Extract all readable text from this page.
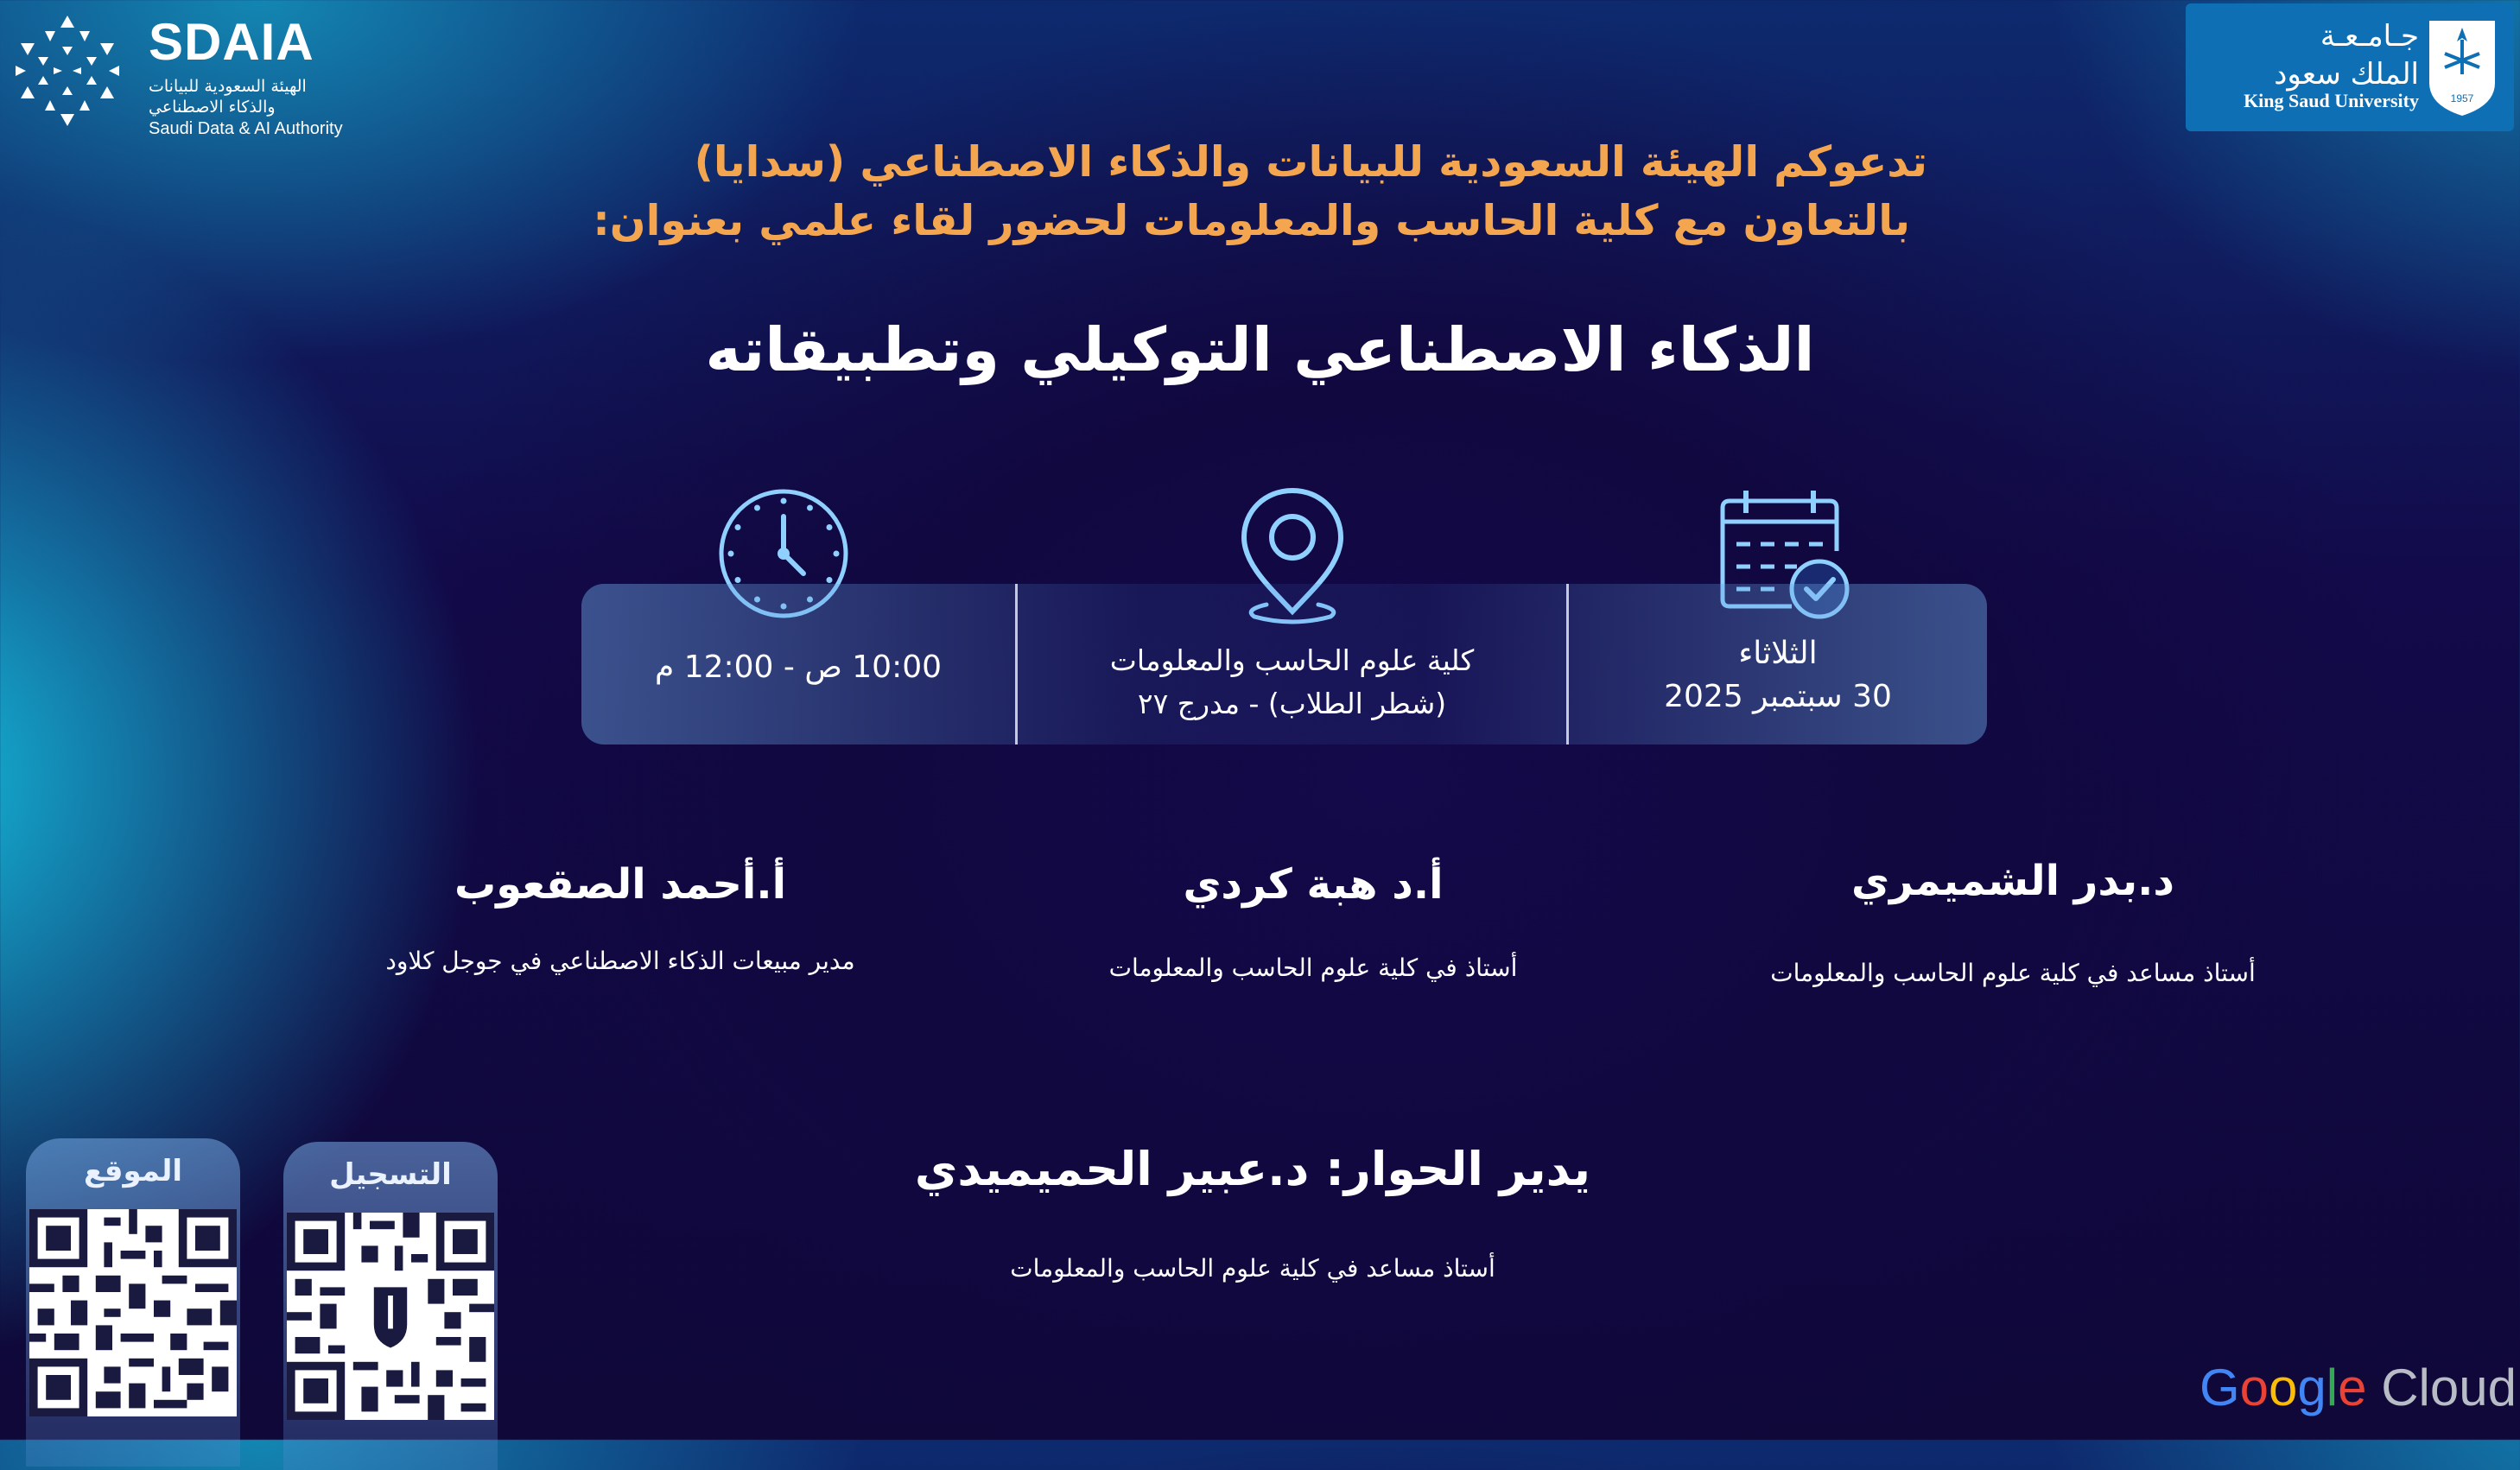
SDAIA
الهيئة السعودية للبيانات
والذكاء الاصطناعي
Saudi Data & AI Authority
جـامـعـة
الملك سعود
King Saud University	1957
تدعوكم الهيئة السعودية للبيانات والذكاء الاصطناعي (سدايا)
بالتعاون مع كلية الحاسب والمعلومات لحضور لقاء علمي بعنوان:
الذكاء الاصطناعي التوكيلي وتطبيقاته
10:00 ص - 12:00 م	كلية علوم الحاسب والمعلومات
(شطر الطلاب) - مدرج ٢٧
الثلاثاء
30 سبتمبر 2025
د.بدر الشميمري
أستاذ مساعد في كلية علوم الحاسب والمعلومات
أ.د هبة كردي
أستاذ في كلية علوم الحاسب والمعلومات
أ.أحمد الصقعوب
مدير مبيعات الذكاء الاصطناعي في جوجل كلاود
يدير الحوار: د.عبير الحميميدي
أستاذ مساعد في كلية علوم الحاسب والمعلومات
الموقع	التسجيل
Google Cloud
